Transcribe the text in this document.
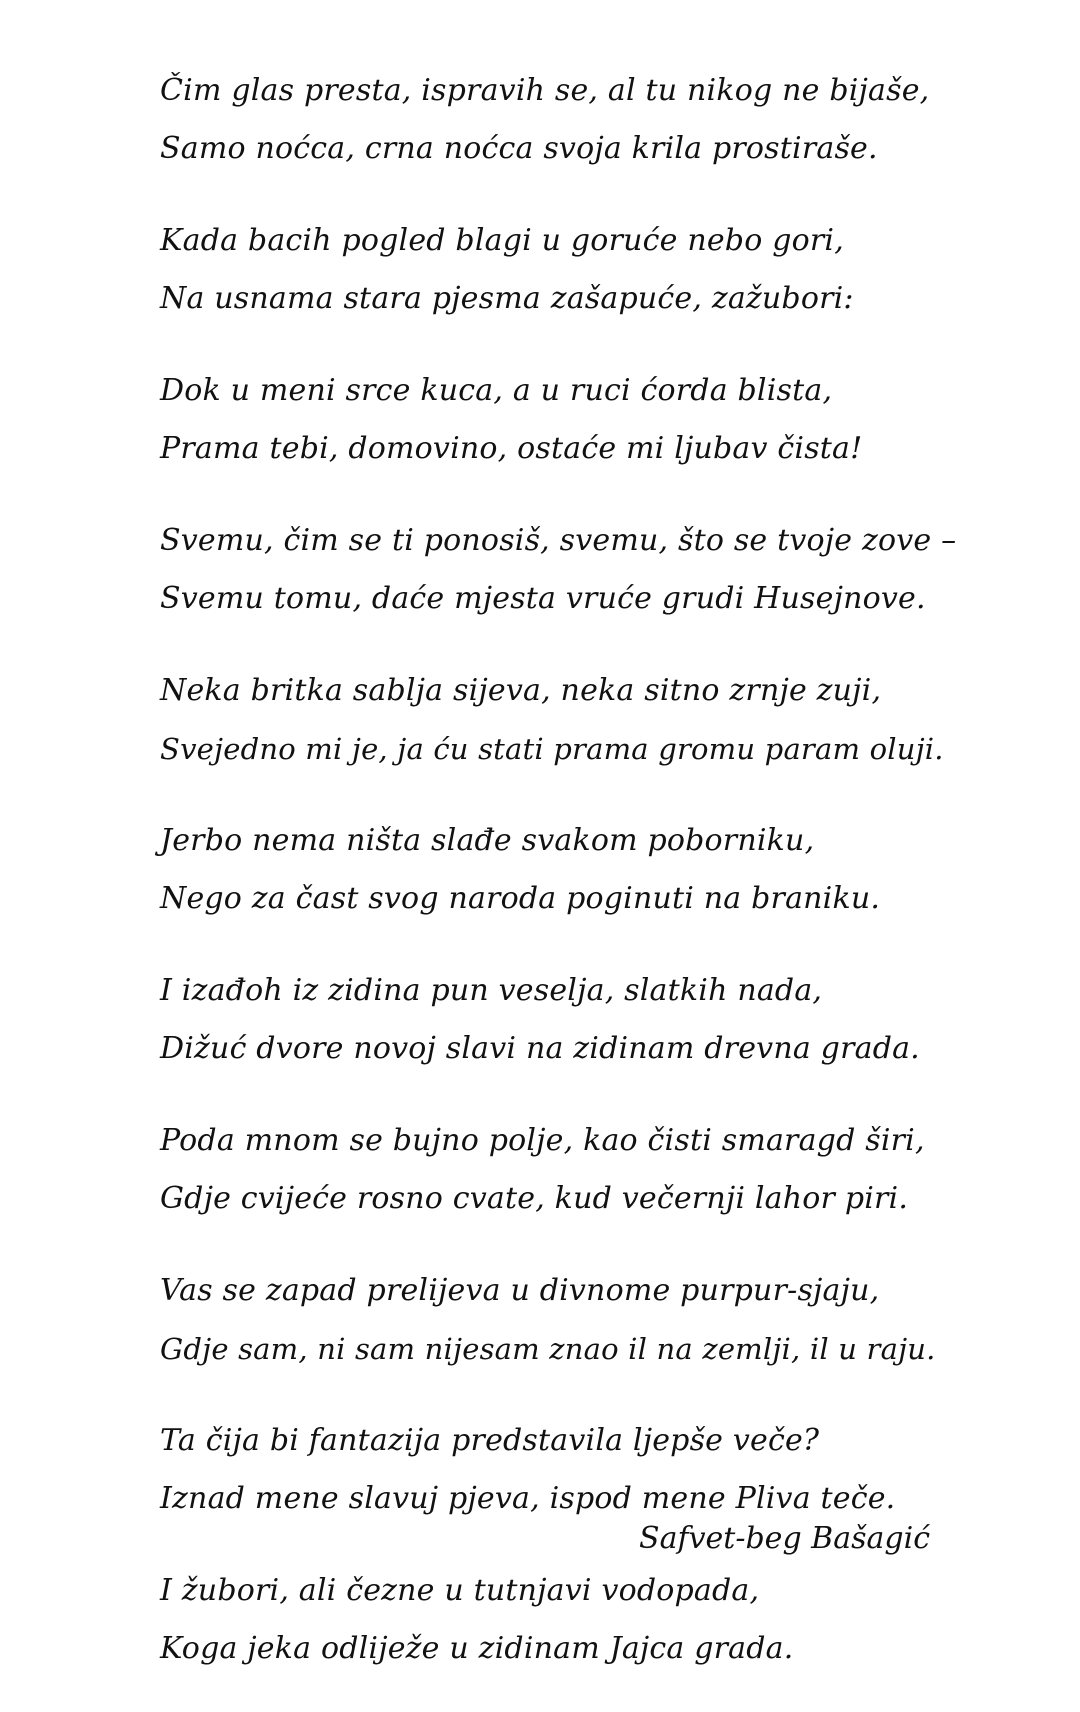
Čim glas presta, ispravih se, al tu nikog ne bijaše,
Samo noćca, crna noćca svoja krila prostiraše.
Kada bacih pogled blagi u goruće nebo gori,
Na usnama stara pjesma zašapuće, zažubori:
Dok u meni srce kuca, a u ruci ćorda blista,
Prama tebi, domovino, ostaće mi ljubav čista!
Svemu, čim se ti ponosiš, svemu, što se tvoje zove –
Svemu tomu, daće mjesta vruće grudi Husejnove.
Neka britka sablja sijeva, neka sitno zrnje zuji,
Svejedno mi je, ja ću stati prama gromu param oluji.
Jerbo nema ništa slađe svakom poborniku,
Nego za čast svog naroda poginuti na braniku.
I izađoh iz zidina pun veselja, slatkih nada,
Dižuć dvore novoj slavi na zidinam drevna grada.
Poda mnom se bujno polje, kao čisti smaragd širi,
Gdje cvijeće rosno cvate, kud večernji lahor piri.
Vas se zapad prelijeva u divnome purpur-sjaju,
Gdje sam, ni sam nijesam znao il na zemlji, il u raju.
Ta čija bi fantazija predstavila ljepše veče?
Iznad mene slavuj pjeva, ispod mene Pliva teče.
I žubori, ali čezne u tutnjavi vodopada,
Koga jeka odliježe u zidinam Jajca grada.
Safvet-beg Bašagić
